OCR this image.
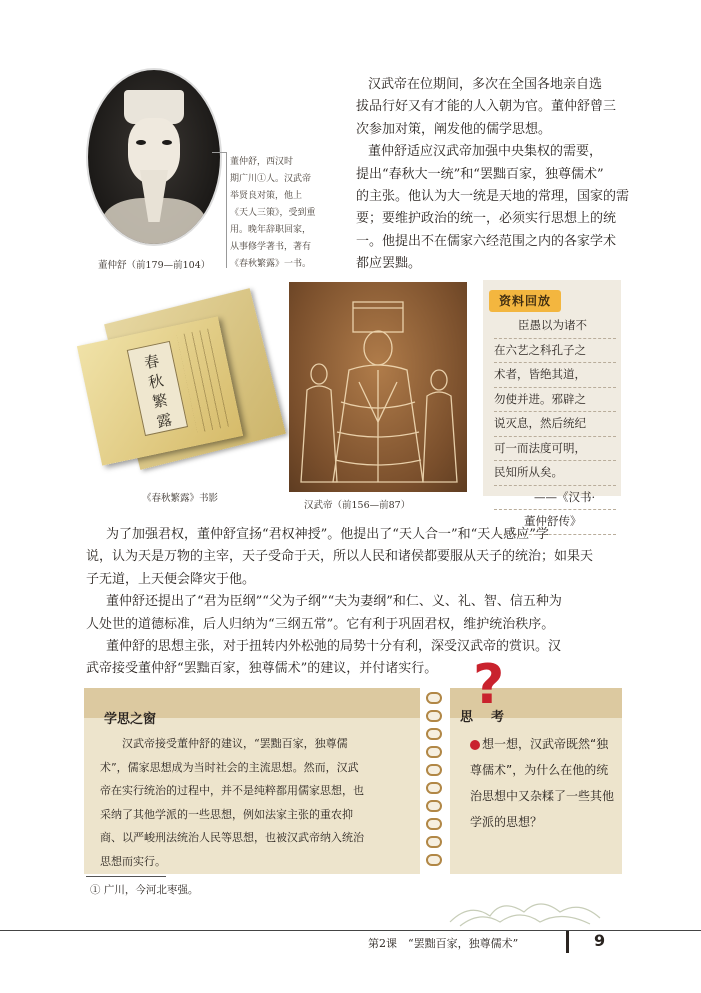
董仲舒（前179—前104）
董仲舒，西汉时
期广川①人。汉武帝
举贤良对策，他上
《天人三策》，受到重
用。晚年辞职回家，
从事修学著书，著有
《春秋繁露》一书。
汉武帝在位期间，多次在全国各地亲自选
拔品行好又有才能的人入朝为官。董仲舒曾三
次参加对策，阐发他的儒学思想。
董仲舒适应汉武帝加强中央集权的需要，
提出“春秋大一统”和“罢黜百家，独尊儒术”
的主张。他认为大一统是天地的常理，国家的需
要；要维护政治的统一，必须实行思想上的统
一。他提出不在儒家六经范围之内的各家学术
都应罢黜。
春秋繁露
《春秋繁露》书影
汉武帝（前156—前87）
资料回放
臣愚以为诸不
在六艺之科孔子之
术者，皆绝其道，
勿使并进。邪辟之
说灭息，然后统纪
可一而法度可明，
民知所从矣。
——《汉书·
董仲舒传》
为了加强君权，董仲舒宣扬“君权神授”。他提出了“天人合一”和“天人感应”学
说，认为天是万物的主宰，天子受命于天，所以人民和诸侯都要服从天子的统治；如果天
子无道，上天便会降灾于他。
董仲舒还提出了“君为臣纲”“父为子纲”“夫为妻纲”和仁、义、礼、智、信五种为
人处世的道德标准，后人归纳为“三纲五常”。它有利于巩固君权，维护统治秩序。
董仲舒的思想主张，对于扭转内外松弛的局势十分有利，深受汉武帝的赏识。汉
武帝接受董仲舒“罢黜百家，独尊儒术”的建议，并付诸实行。
学思之窗
汉武帝接受董仲舒的建议，“罢黜百家，独尊儒
术”，儒家思想成为当时社会的主流思想。然而，汉武
帝在实行统治的过程中，并不是纯粹都用儒家思想，也
采纳了其他学派的一些思想，例如法家主张的重农抑
商、以严峻刑法统治人民等思想，也被汉武帝纳入统治
思想而实行。
?
思考
想一想，汉武帝既然“独
尊儒术”，为什么在他的统
治思想中又杂糅了一些其他
学派的思想？
① 广川，今河北枣强。
第2课　“罢黜百家，独尊儒术”	9
